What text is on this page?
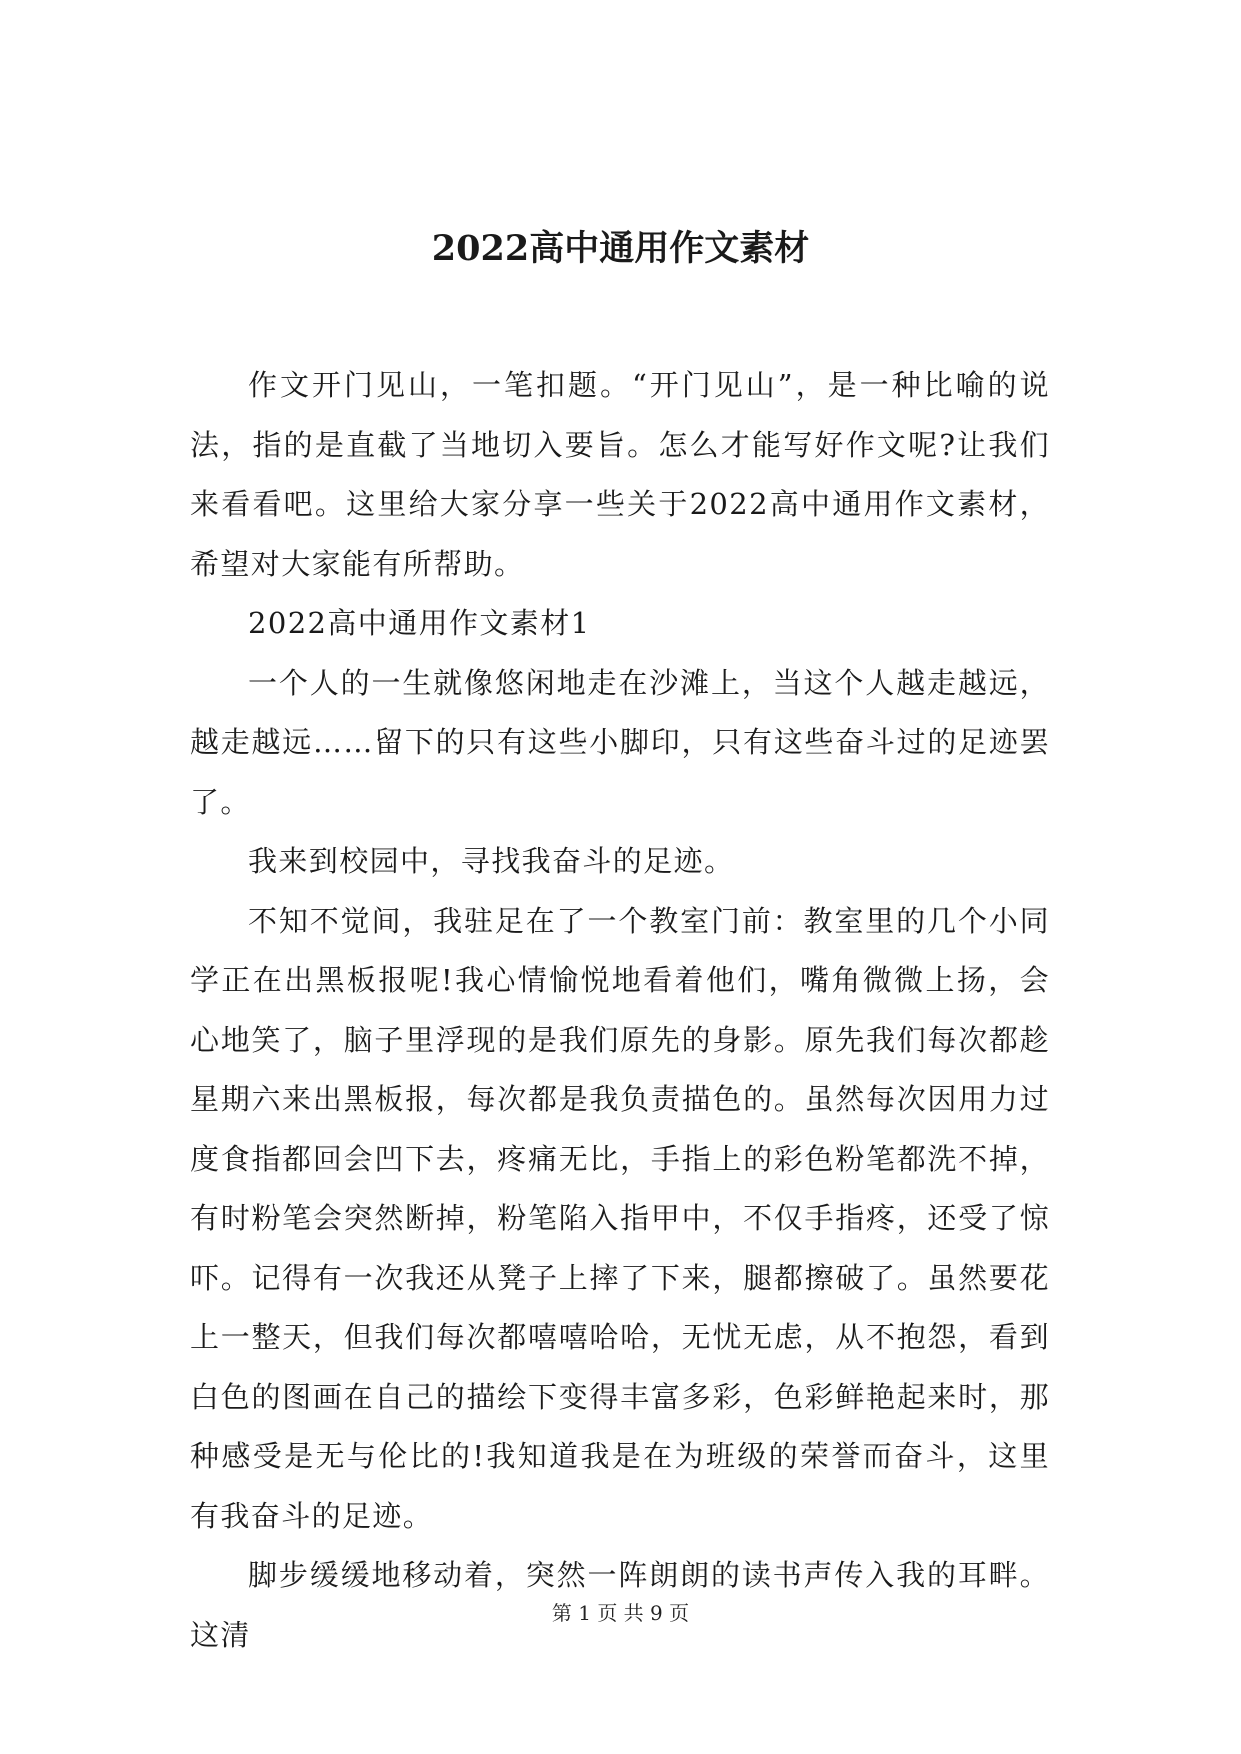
2022高中通用作文素材

作文开门见山，一笔扣题。“开门见山”，是一种比喻的说法，指的是直截了当地切入要旨。怎么才能写好作文呢?让我们来看看吧。这里给大家分享一些关于2022高中通用作文素材，希望对大家能有所帮助。

2022高中通用作文素材1

一个人的一生就像悠闲地走在沙滩上，当这个人越走越远，越走越远……留下的只有这些小脚印，只有这些奋斗过的足迹罢了。

我来到校园中，寻找我奋斗的足迹。

不知不觉间，我驻足在了一个教室门前：教室里的几个小同学正在出黑板报呢!我心情愉悦地看着他们，嘴角微微上扬，会心地笑了，脑子里浮现的是我们原先的身影。原先我们每次都趁星期六来出黑板报，每次都是我负责描色的。虽然每次因用力过度食指都回会凹下去，疼痛无比，手指上的彩色粉笔都洗不掉，有时粉笔会突然断掉，粉笔陷入指甲中，不仅手指疼，还受了惊吓。记得有一次我还从凳子上摔了下来，腿都擦破了。虽然要花上一整天，但我们每次都嘻嘻哈哈，无忧无虑，从不抱怨，看到白色的图画在自己的描绘下变得丰富多彩，色彩鲜艳起来时，那种感受是无与伦比的!我知道我是在为班级的荣誉而奋斗，这里有我奋斗的足迹。

脚步缓缓地移动着，突然一阵朗朗的读书声传入我的耳畔。这清

第 1 页 共 9 页
